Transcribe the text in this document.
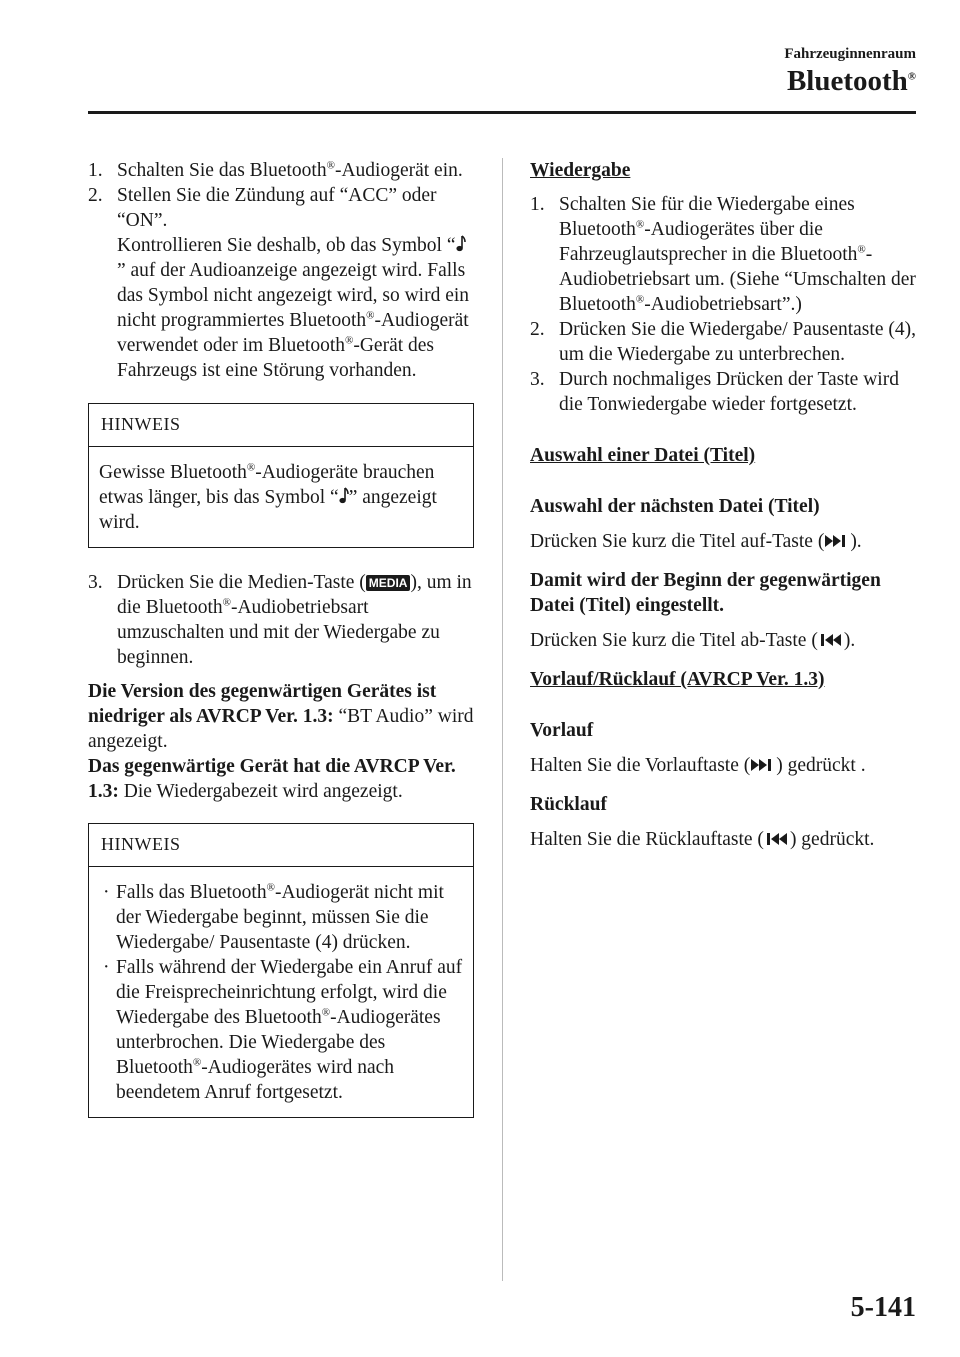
Fahrzeuginnenraum
Bluetooth®
1. Schalten Sie das Bluetooth®-Audiogerät ein.
2. Stellen Sie die Zündung auf “ACC” oder “ON”.
Kontrollieren Sie deshalb, ob das Symbol “” auf der Audioanzeige angezeigt wird. Falls das Symbol nicht angezeigt wird, so wird ein nicht programmiertes Bluetooth®-Audiogerät verwendet oder im Bluetooth®-Gerät des Fahrzeugs ist eine Störung vorhanden.
HINWEIS
Gewisse Bluetooth®-Audiogeräte brauchen etwas länger, bis das Symbol “ ” angezeigt wird.
3. Drücken Sie die Medien-Taste ( MEDIA ), um in die Bluetooth®-Audiobetriebsart umzuschalten und mit der Wiedergabe zu beginnen.

Die Version des gegenwärtigen Gerätes ist niedriger als AVRCP Ver. 1.3: “BT Audio” wird angezeigt.
Das gegenwärtige Gerät hat die AVRCP Ver. 1.3: Die Wiedergabezeit wird angezeigt.

HINWEIS
· Falls das Bluetooth®-Audiogerät nicht mit der Wiedergabe beginnt, müssen Sie die Wiedergabe/ Pausentaste (4) drücken.
· Falls während der Wiedergabe ein Anruf auf die Freisprecheinrichtung erfolgt, wird die Wiedergabe des Bluetooth®-Audiogerätes unterbrochen. Die Wiedergabe des Bluetooth®-Audiogerätes wird nach beendetem Anruf fortgesetzt.
Wiedergabe
1. Schalten Sie für die Wiedergabe eines Bluetooth®-Audiogerätes über die Fahrzeuglautsprecher in die Bluetooth®-Audiobetriebsart um. (Siehe “Umschalten der Bluetooth®-Audiobetriebsart”.)
2. Drücken Sie die Wiedergabe/ Pausentaste (4), um die Wiedergabe zu unterbrechen.
3. Durch nochmaliges Drücken der Taste wird die Tonwiedergabe wieder fortgesetzt.
Auswahl einer Datei (Titel)
Auswahl der nächsten Datei (Titel)
Drücken Sie kurz die Titel auf-Taste ( ).
Damit wird der Beginn der gegenwärtigen Datei (Titel) eingestellt.
Drücken Sie kurz die Titel ab-Taste ( ).
Vorlauf/Rücklauf (AVRCP Ver. 1.3)
Vorlauf
Halten Sie die Vorlauftaste ( ) gedrückt .
Rücklauf
Halten Sie die Rücklauftaste ( ) gedrückt.
5-141
